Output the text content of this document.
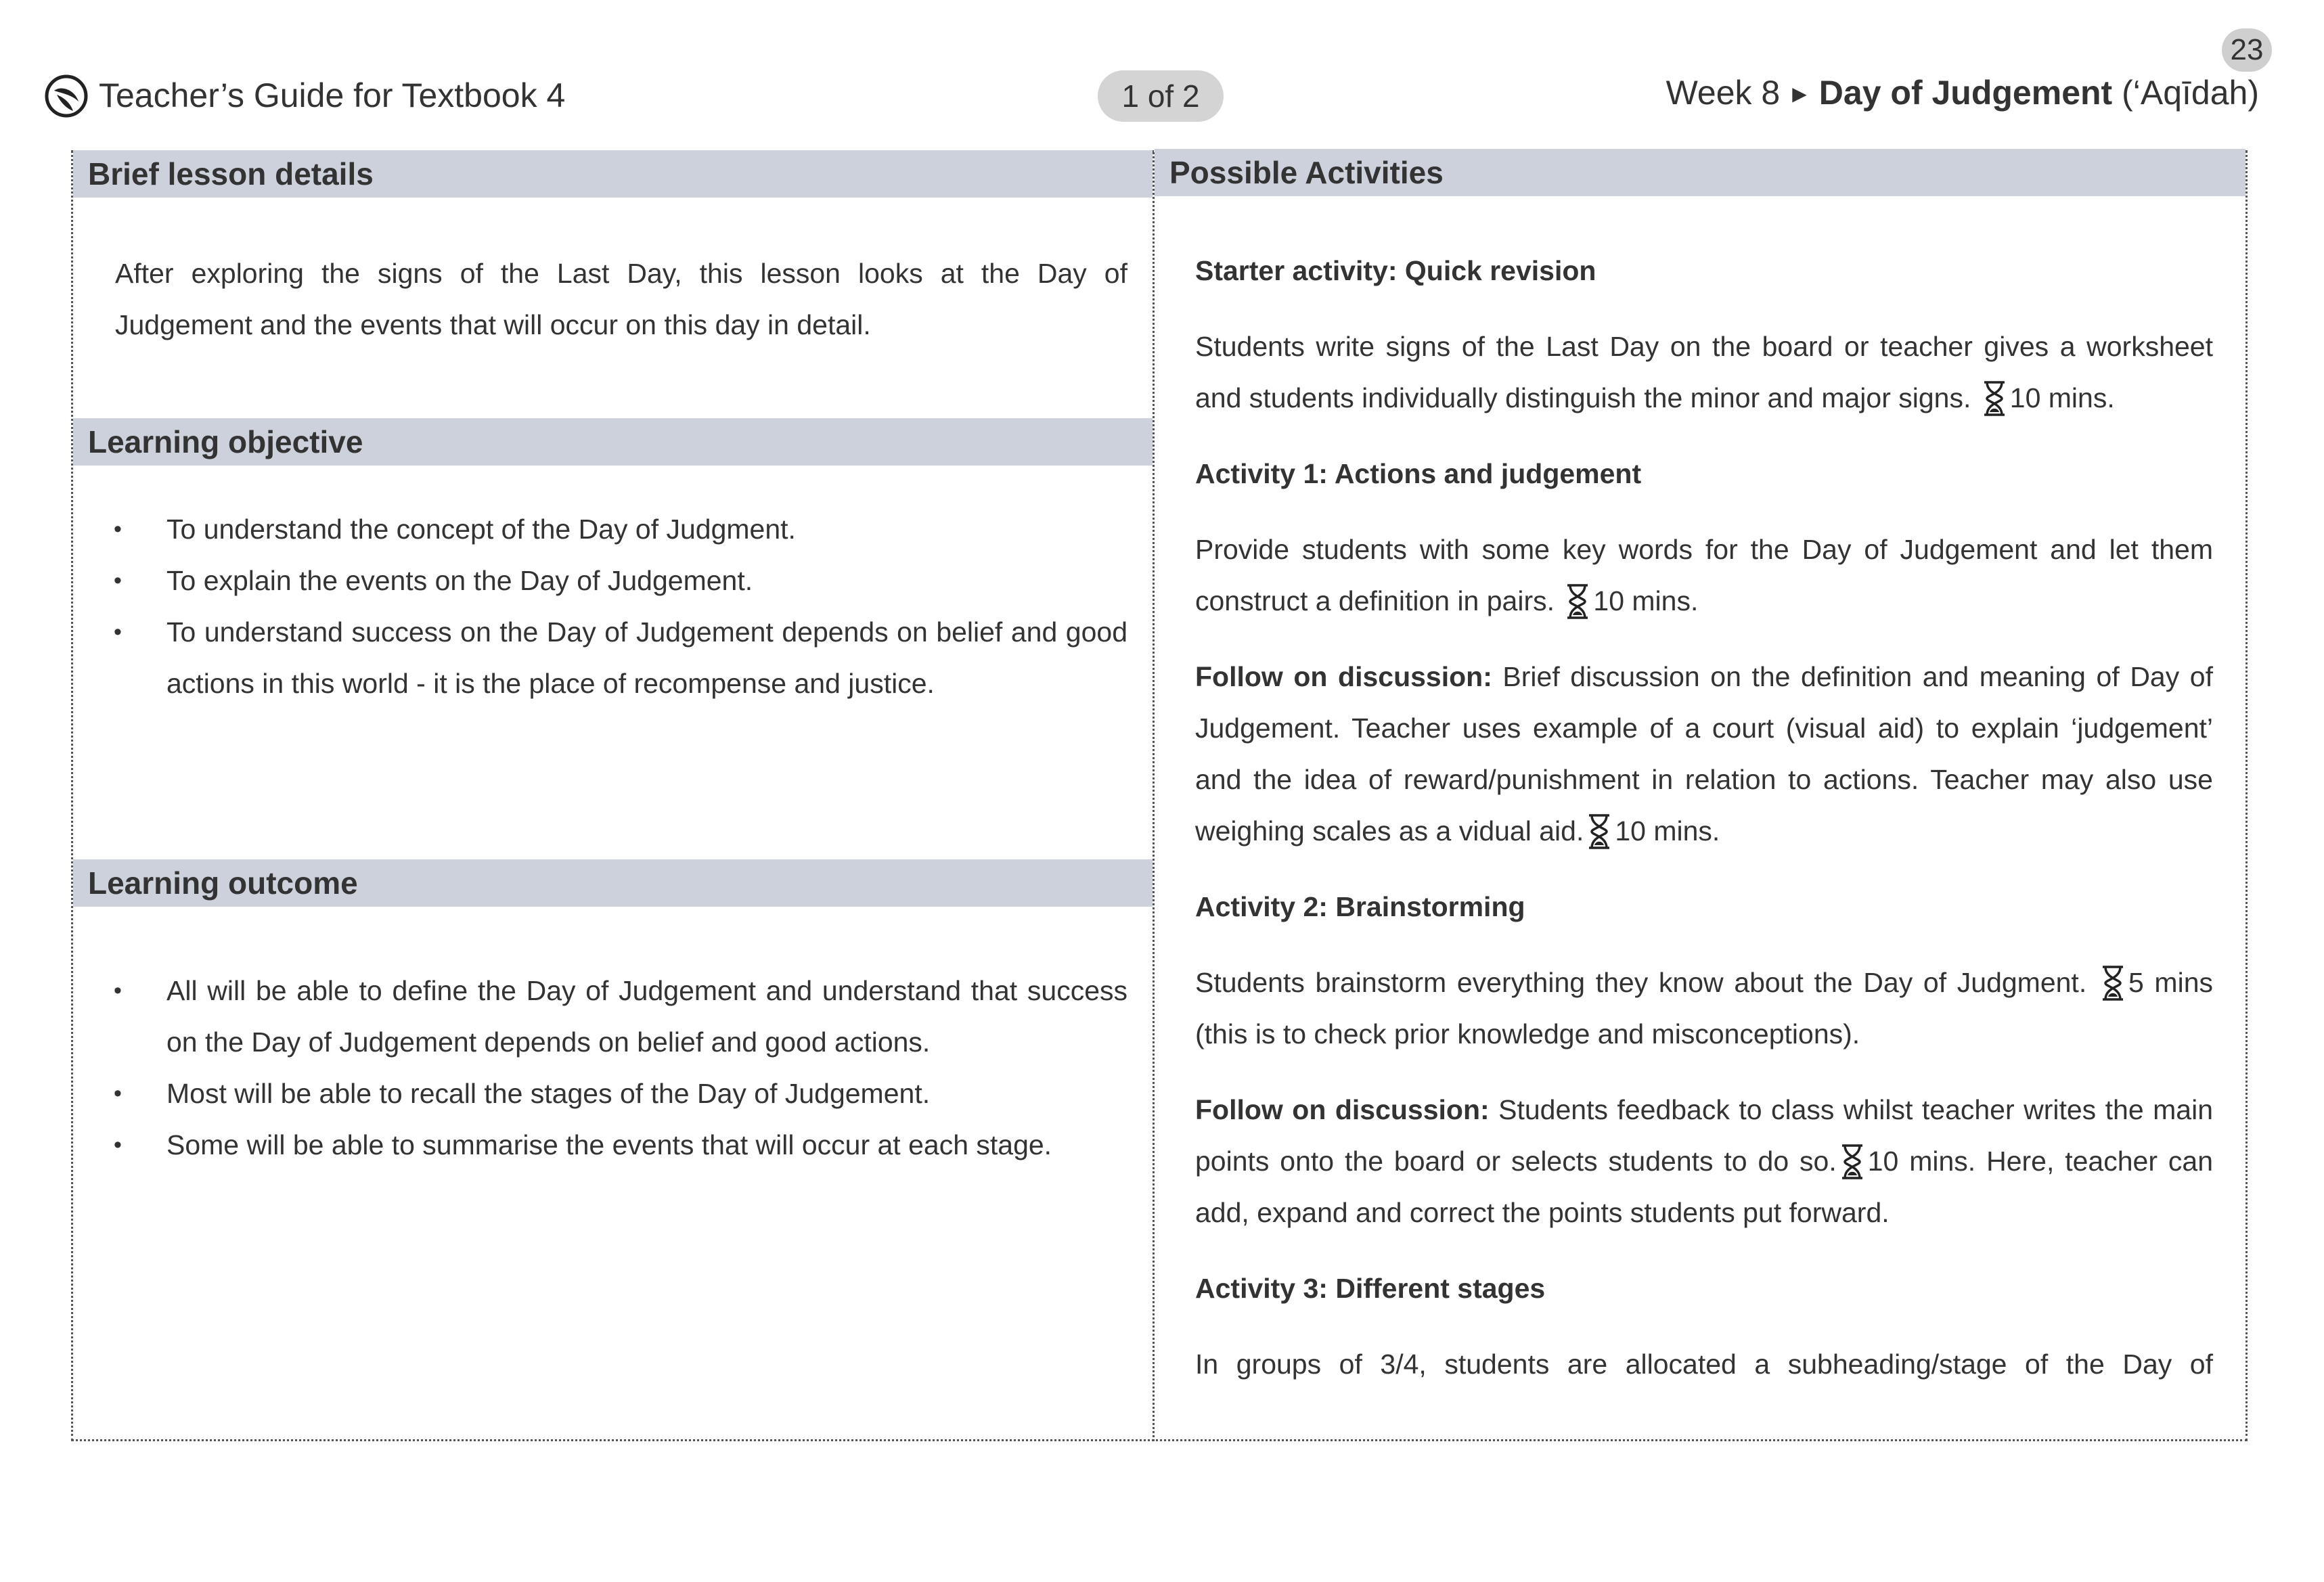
23
Teacher’s Guide for Textbook 4	1 of 2	Week 8 ▶ Day of Judgement (‘Aqīdah)
Brief lesson details
After exploring the signs of the Last Day, this lesson looks at the Day of Judgement and the events that will occur on this day in detail.
Learning objective
• To understand the concept of the Day of Judgment.
• To explain the events on the Day of Judgement.
• To understand success on the Day of Judgement depends on belief and good actions in this world - it is the place of recompense and justice.
Learning outcome
• All will be able to define the Day of Judgement and understand that success on the Day of Judgement depends on belief and good actions.
• Most will be able to recall the stages of the Day of Judgement.
• Some will be able to summarise the events that will occur at each stage.
Possible Activities
Starter activity: Quick revision
Students write signs of the Last Day on the board or teacher gives a worksheet and students individually distinguish the minor and major signs. 10 mins.
Activity 1: Actions and judgement
Provide students with some key words for the Day of Judgement and let them construct a definition in pairs. 10 mins.
Follow on discussion: Brief discussion on the definition and meaning of Day of Judgement. Teacher uses example of a court (visual aid) to explain ‘judgement’ and the idea of reward/punishment in relation to actions. Teacher may also use weighing scales as a vidual aid. 10 mins.
Activity 2: Brainstorming
Students brainstorm everything they know about the Day of Judgment. 5 mins (this is to check prior knowledge and misconceptions).
Follow on discussion: Students feedback to class whilst teacher writes the main points onto the board or selects students to do so. 10 mins. Here, teacher can add, expand and correct the points students put forward.
Activity 3: Different stages
In groups of 3/4, students are allocated a subheading/stage of the Day of
